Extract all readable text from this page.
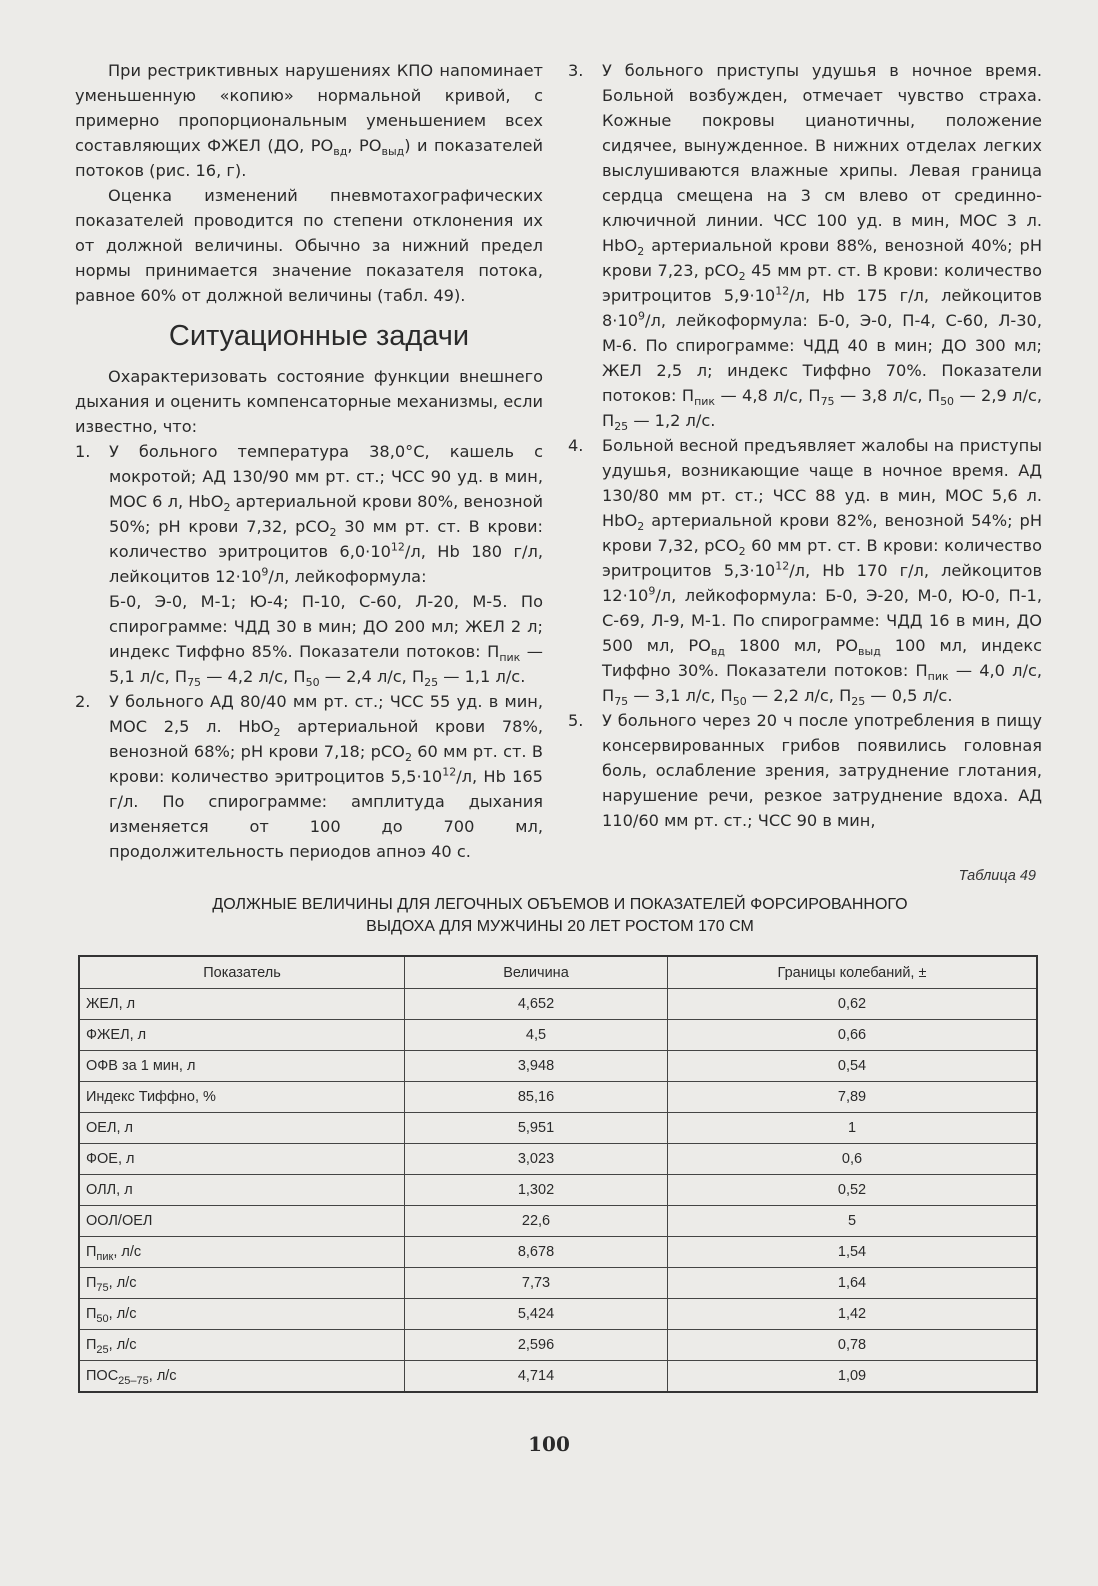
При рестриктивных нарушениях КПО напоминает уменьшенную «копию» нормальной кривой, с примерно пропорциональным уменьшением всех составляющих ФЖЕЛ (ДО, $РО_{вд}$, $РО_{выд}$) и показателей потоков (рис. 16, г).

Оценка изменений пневмотахографических показателей проводится по степени отклонения их от должной величины. Обычно за нижний предел нормы принимается значение показателя потока, равное 60% от должной величины (табл. 49).

Ситуационные задачи

Охарактеризовать состояние функции внешнего дыхания и оценить компенсаторные механизмы, если известно, что:

1. У больного температура 38,0°С, кашель с мокротой; АД 130/90 мм рт. ст.; ЧСС 90 уд. в мин, МОС 6 л, HbO$_2$ артериальной крови 80%, венозной 50%; pH крови 7,32, pCO$_2$ 30 мм рт. ст. В крови: количество эритроцитов $6,0\cdot 10^{12}/л$, Hb 180 г/л, лейкоцитов $12\cdot 10^9/л$, лейкоформула:

Б-0, Э-0, М-1; Ю-4; П-10, С-60, Л-20, М-5. По спирограмме: ЧДД 30 в мин; ДО 200 мл; ЖЕЛ 2 л; индекс Тиффно 85%. Показатели потоков: $П_{пик}$ — 5,1 л/с, $П_{75}$ — 4,2 л/с, $П_{50}$ — 2,4 л/с, $П_{25}$ — 1,1 л/с.

2. У больного АД 80/40 мм рт. ст.; ЧСС 55 уд. в мин, МОС 2,5 л. HbO$_2$ артериальной крови 78%, венозной 68%; pH крови 7,18; pCO$_2$ 60 мм рт. ст. В крови: количество эритроцитов $5,5\cdot 10^{12}/л$, Hb 165 г/л. По спирограмме: амплитуда дыхания изменяется от 100 до 700 мл, продолжительность периодов апноэ 40 с.

3. У больного приступы удушья в ночное время. Больной возбужден, отмечает чувство страха. Кожные покровы цианотичны, положение сидячее, вынужденное. В нижних отделах легких выслушиваются влажные хрипы. Левая граница сердца смещена на 3 см влево от срединно-ключичной линии. ЧСС 100 уд. в мин, МОС 3 л. HbO$_2$ артериальной крови 88%, венозной 40%; pH крови 7,23, pCO$_2$ 45 мм рт. ст. В крови: количество эритроцитов $5,9\cdot 10^{12}/л$, Hb 175 г/л, лейкоцитов $8\cdot 10^9/л$, лейкоформула: Б-0, Э-0, П-4, С-60, Л-30, М-6. По спирограмме: ЧДД 40 в мин; ДО 300 мл; ЖЕЛ 2,5 л; индекс Тиффно 70%. Показатели потоков: $П_{пик}$ — 4,8 л/с, $П_{75}$ — 3,8 л/с, $П_{50}$ — 2,9 л/с, $П_{25}$ — 1,2 л/с.

4. Больной весной предъявляет жалобы на приступы удушья, возникающие чаще в ночное время. АД 130/80 мм рт. ст.; ЧСС 88 уд. в мин, МОС 5,6 л. HbO$_2$ артериальной крови 82%, венозной 54%; pH крови 7,32, pCO$_2$ 60 мм рт. ст. В крови: количество эритроцитов $5,3\cdot 10^{12}/л$, Hb 170 г/л, лейкоцитов $12\cdot 10^9/л$, лейкоформула: Б-0, Э-20, М-0, Ю-0, П-1, С-69, Л-9, М-1. По спирограмме: ЧДД 16 в мин, ДО 500 мл, $РО_{вд}$ 1800 мл, $РО_{выд}$ 100 мл, индекс Тиффно 30%. Показатели потоков: $П_{пик}$ — 4,0 л/с, $П_{75}$ — 3,1 л/с, $П_{50}$ — 2,2 л/с, $П_{25}$ — 0,5 л/с.

5. У больного через 20 ч после употребления в пищу консервированных грибов появились головная боль, ослабление зрения, затруднение глотания, нарушение речи, резкое затруднение вдоха. АД 110/60 мм рт. ст.; ЧСС 90 в мин,

Таблица 49
ДОЛЖНЫЕ ВЕЛИЧИНЫ ДЛЯ ЛЕГОЧНЫХ ОБЪЕМОВ И ПОКАЗАТЕЛЕЙ ФОРСИРОВАННОГО
ВЫДОХА ДЛЯ МУЖЧИНЫ 20 ЛЕТ РОСТОМ 170 СМ
Показатель	Величина	Границы колебаний, ±
ЖЕЛ, л	4,652	0,62
ФЖЕЛ, л	4,5	0,66
ОФВ за 1 мин, л	3,948	0,54
Индекс Тиффно, %	85,16	7,89
ОЕЛ, л	5,951	1
ФОЕ, л	3,023	0,6
ОЛЛ, л	1,302	0,52
ООЛ/ОЕЛ	22,6	5
$П_{пик}$, л/с	8,678	1,54
$П_{75}$, л/с	7,73	1,64
$П_{50}$, л/с	5,424	1,42
$П_{25}$, л/с	2,596	0,78
$ПОС_{25-75}$, л/с	4,714	1,09
100
